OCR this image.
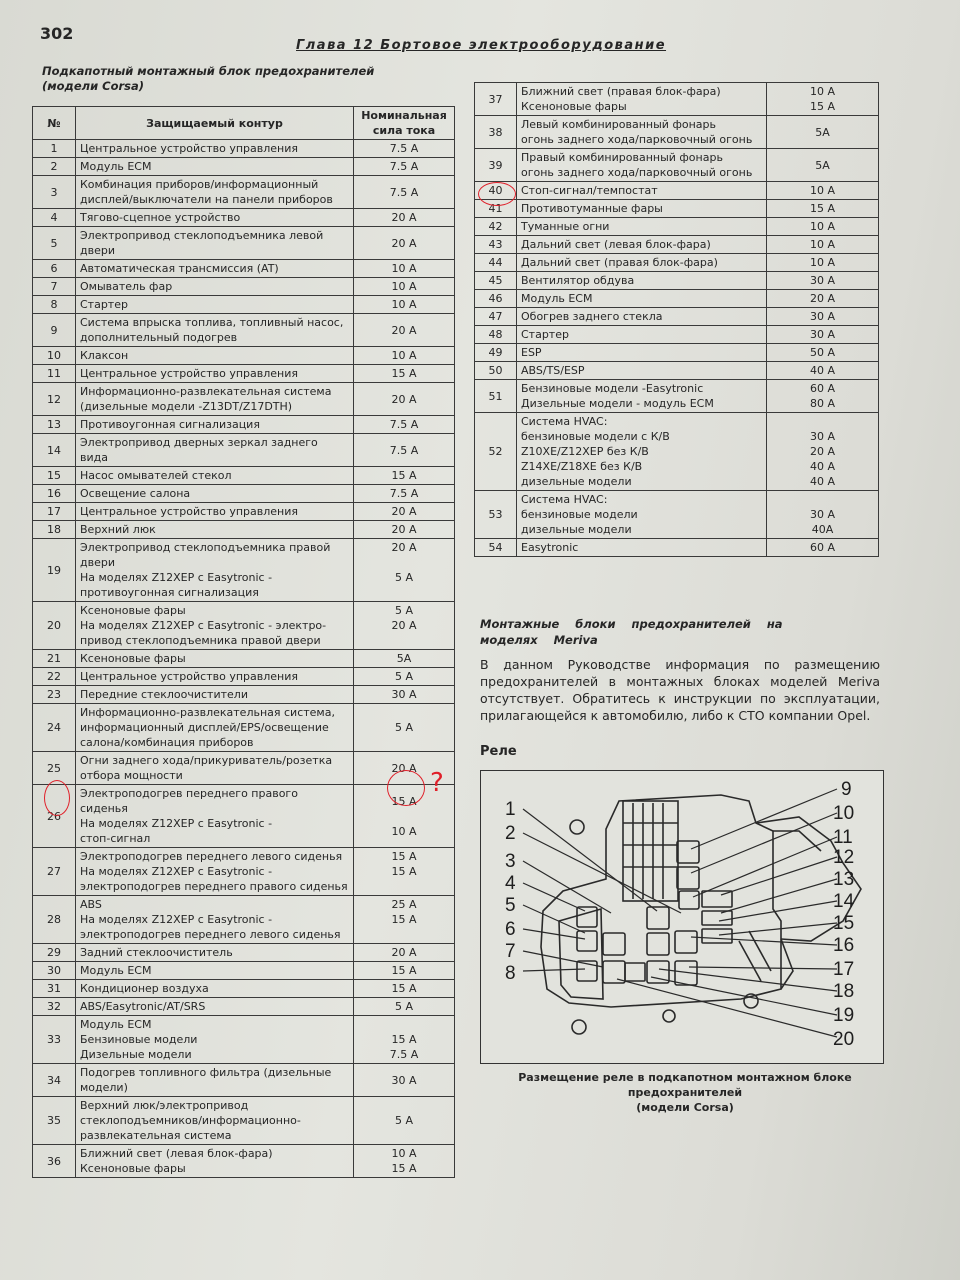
302
Глава 12 Бортовое электрооборудование
Подкапотный монтажный блок предохранителей
(модели Corsa)
№	Защищаемый контур	Номинальная
сила тока

1	Центральное устройство управления	7.5 A

2	Модуль ECM	7.5 A

3	Комбинация приборов/информационный
дисплей/выключатели на панели приборов	7.5 A

4	Тягово-сцепное устройство	20 A

5	Электропривод стеклоподъемника левой
двери	20 A

6	Автоматическая трансмиссия (AT)	10 A

7	Омыватель фар	10 A

8	Стартер	10 A

9	Система впрыска топлива, топливный насос,
дополнительный подогрев	20 A

10	Клаксон	10 A

11	Центральное устройство управления	15 A

12	Информационно-развлекательная система
(дизельные модели -Z13DT/Z17DTH)	20 A

13	Противоугонная сигнализация	7.5 A

14	Электропривод дверных зеркал заднего вида	7.5 A

15	Насос омывателей стекол	15 A

16	Освещение салона	7.5 A

17	Центральное устройство управления	20 A

18	Верхний люк	20 A

19	Электропривод стеклоподъемника правой
двери
На моделях Z12XEP с Easytronic -
противоугонная сигнализация	20 A

5 A

20	Ксеноновые фары
На моделях Z12XEP с Easytronic - электро-
привод стеклоподъемника правой двери	5 A
20 A

21	Ксеноновые фары	5A

22	Центральное устройство управления	5 A

23	Передние стеклоочистители	30 A

24	Информационно-развлекательная система,
информационный дисплей/EPS/освещение
салона/комбинация приборов	5 A

25	Огни заднего хода/прикуриватель/розетка
отбора мощности	20 A

26	Электроподогрев переднего правого сиденья
На моделях Z12XEP с Easytronic -
стоп-сигнал	15 A

10 A

27	Электроподогрев переднего левого сиденья
На моделях Z12XEP с Easytronic -
электроподогрев переднего правого сиденья	15 A
15 A

28	ABS
На моделях Z12XEP с Easytronic -
электроподогрев переднего левого сиденья	25 A
15 A

29	Задний стеклоочиститель	20 A

30	Модуль ECM	15 A

31	Кондиционер воздуха	15 A

32	ABS/Easytronic/AT/SRS	5 A

33	Модуль ECM
Бензиновые модели
Дизельные модели	15 A
7.5 A

34	Подогрев топливного фильтра (дизельные
модели)	30 A

35	Верхний люк/электропривод
стеклоподъемников/информационно-
развлекательная система	5 A

36	Ближний свет (левая блок-фара)
Ксеноновые фары	10 A
15 A
37	Ближний свет (правая блок-фара)
Ксеноновые фары	10 A
15 A

38	Левый комбинированный фонарь
огонь заднего хода/парковочный огонь	5A

39	Правый комбинированный фонарь
огонь заднего хода/парковочный огонь	5A

40	Стоп-сигнал/темпостат	10 A

41	Противотуманные фары	15 A

42	Туманные огни	10 A

43	Дальний свет (левая блок-фара)	10 A

44	Дальний свет (правая блок-фара)	10 A

45	Вентилятор обдува	30 A

46	Модуль ECM	20 A

47	Обогрев заднего стекла	30 A

48	Стартер	30 A

49	ESP	50 A

50	ABS/TS/ESP	40 A

51	Бензиновые модели -Easytronic
Дизельные модели - модуль ECM	60 A
80 A

52	Система HVAC:
бензиновые модели с К/В
Z10XE/Z12XEP без К/В
Z14XE/Z18XE без К/В
дизельные модели	30 A
20 A
40 A
40 A

53	Система HVAC:
бензиновые модели
дизельные модели	30 A
40A

54	Easytronic	60 A
Монтажные блоки предохранителей на моделях Meriva
В данном Руководстве информация по размещению предохранителей в монтажных блоках моделей Meriva отсутствует. Обратитесь к инструкции по эксплуатации, прилагающейся к автомобилю, либо к СТО компании Opel.
Реле
1
2
3
4
5
6
7
8
9
10
11
12
13
14
15
16
17
18
19
20
Размещение реле в подкапотном монтажном блоке предохранителей
(модели Corsa)
?
